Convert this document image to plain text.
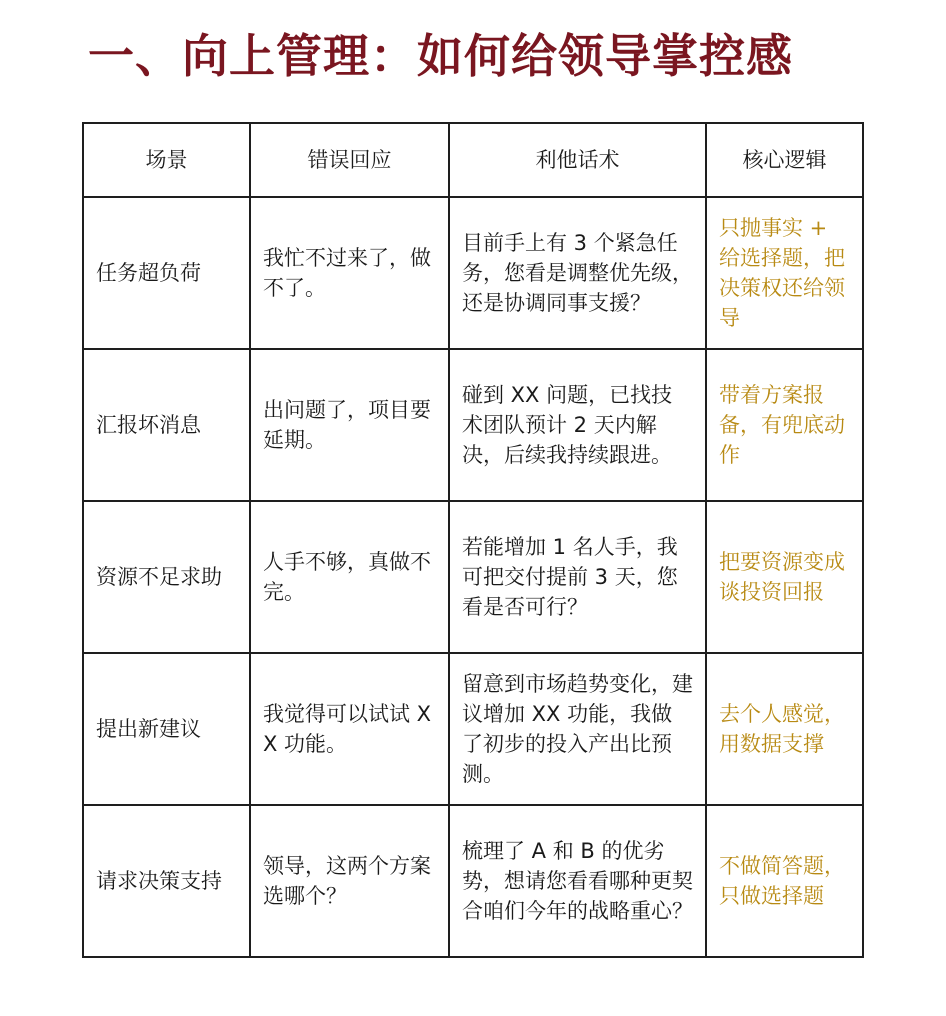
一、向上管理：如何给领导掌控感
场景	错误回应	利他话术	核心逻辑
任务超负荷	我忙不过来了，做不了。	目前手上有 3 个紧急任务，您看是调整优先级，还是协调同事支援？	只抛事实 + 给选择题，把决策权还给领导
汇报坏消息	出问题了，项目要延期。	碰到 XX 问题，已找技术团队预计 2 天内解决，后续我持续跟进。	带着方案报备，有兜底动作
资源不足求助	人手不够，真做不完。	若能增加 1 名人手，我可把交付提前 3 天，您看是否可行？	把要资源变成谈投资回报
提出新建议	我觉得可以试试 XX 功能。	留意到市场趋势变化，建议增加 XX 功能，我做了初步的投入产出比预测。	去个人感觉，用数据支撑
请求决策支持	领导，这两个方案选哪个？	梳理了 A 和 B 的优劣势，想请您看看哪种更契合咱们今年的战略重心？	不做简答题，只做选择题
